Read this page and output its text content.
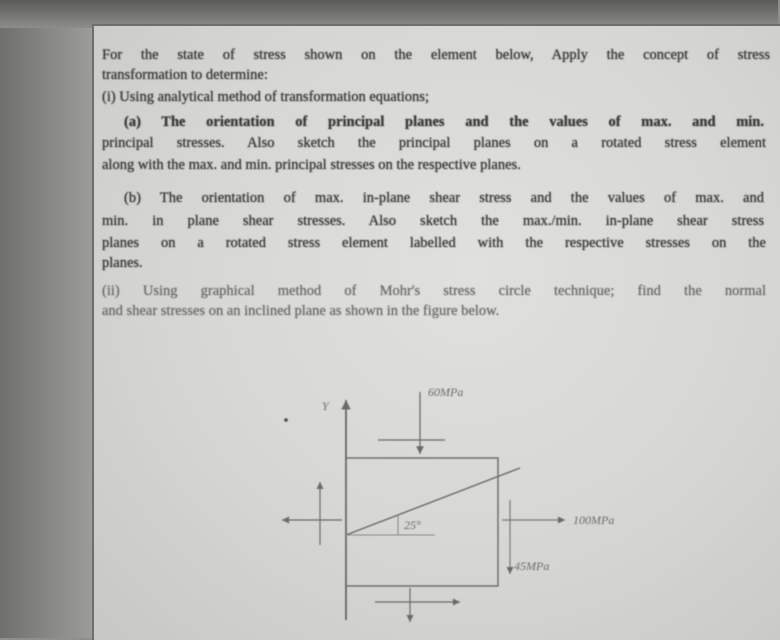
For the state of stress shown on the element below, Apply the concept of stress

transformation to determine:

(i) Using analytical method of transformation equations;

(a) The orientation of principal planes and the values of max. and min.

principal stresses. Also sketch the principal planes on a rotated stress element

along with the max. and min. principal stresses on the respective planes.

(b) The orientation of max. in-plane shear stress and the values of max. and

min. in plane shear stresses. Also sketch the max./min. in-plane shear stress

planes on a rotated stress element labelled with the respective stresses on the

planes.

(ii) Using graphical method of Mohr's stress circle technique; find the normal

and shear stresses on an inclined plane as shown in the figure below.

Y
25°
60MPa
100MPa
45MPa
